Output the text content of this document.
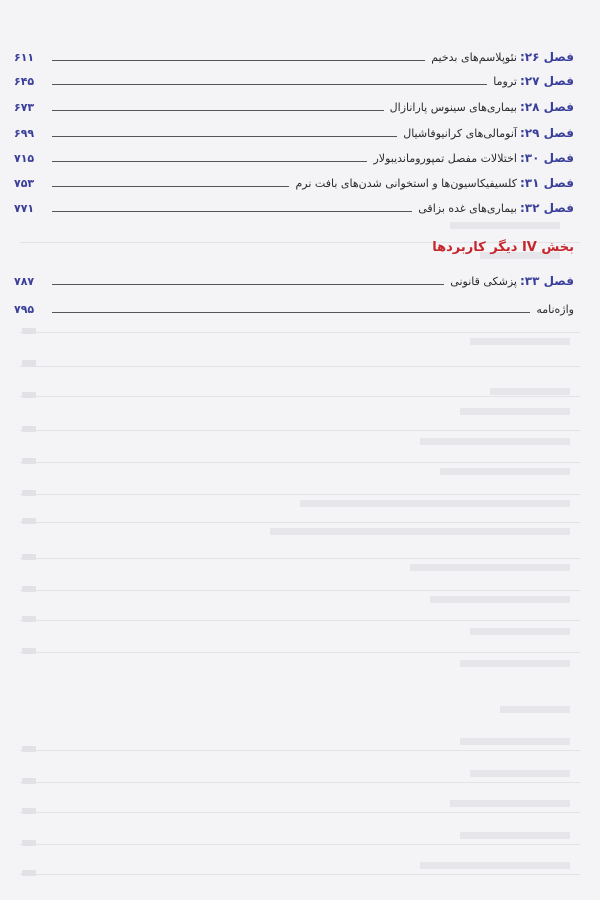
فصل ۲۶:
نئوپلاسم‌های بدخیم
۶۱۱
فصل ۲۷:
تروما
۶۴۵
فصل ۲۸:
بیماری‌های سینوس پارانازال
۶۷۳
فصل ۲۹:
آنومالی‌های کرانیوفاشیال
۶۹۹
فصل ۳۰:
اختلالات مفصل تمپوروماندیبولار
۷۱۵
فصل ۳۱:
کلسیفیکاسیون‌ها و استخوانی شدن‌های بافت نرم
۷۵۳
فصل ۳۲:
بیماری‌های غده بزاقی
۷۷۱
بخش IV دیگر کاربردها
فصل ۳۳:
پزشکی قانونی
۷۸۷
واژه‌نامه
۷۹۵
